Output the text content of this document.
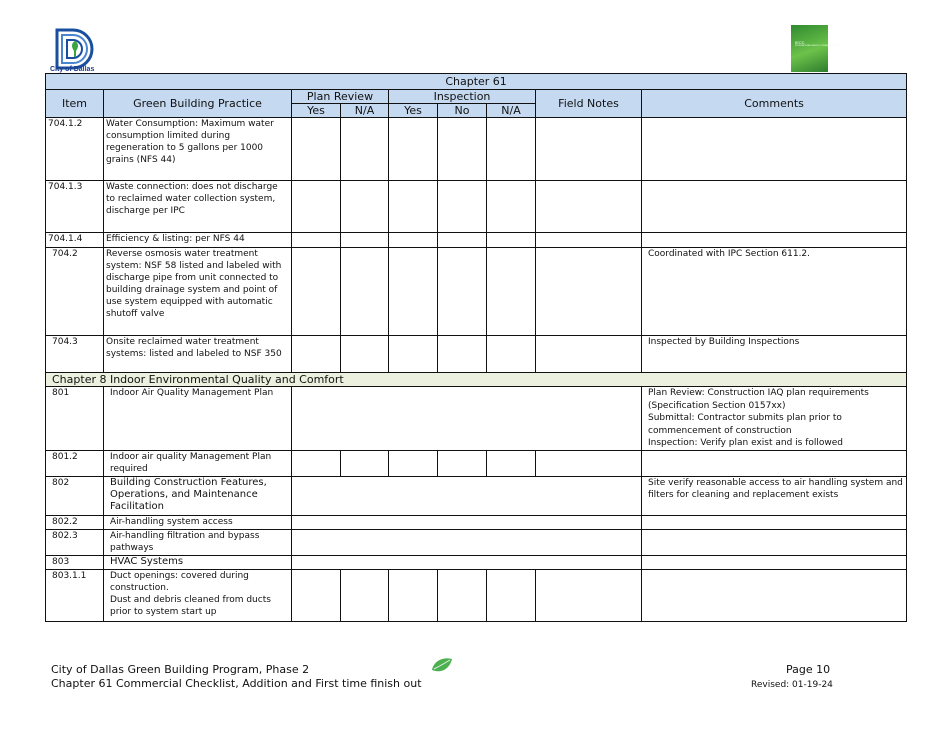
City of Dallas
IECC
INTERNATIONAL ENERGY CONSERVATION CODE
Chapter 61								
Item	Green Building Practice	Plan Review		Inspection			Field Notes	Comments
		Yes	N/A	Yes	No	N/A		
704.1.2	Water Consumption: Maximum water consumption limited during regeneration to 5 gallons per 1000 grains (NFS 44)							
704.1.3	Waste connection: does not discharge to reclaimed water collection system, discharge per IPC							
704.1.4	Efficiency & listing: per NFS 44							
704.2	Reverse osmosis water treatment system: NSF 58 listed and labeled with discharge pipe from unit connected to building drainage system and point of use system equipped with automatic shutoff valve							Coordinated with IPC Section 611.2.
704.3	Onsite reclaimed water treatment systems: listed and labeled to NSF 350							Inspected by Building Inspections
Chapter 8 Indoor Environmental Quality and Comfort								
801	Indoor Air Quality Management Plan							Plan Review: Construction IAQ plan requirements (Specification Section 0157xx)
Submittal: Contractor submits plan prior to commencement of construction
Inspection: Verify plan exist and is followed
801.2	Indoor air quality Management Plan required							
802	Building Construction Features, Operations, and Maintenance Facilitation							Site verify reasonable access to air handling system and filters for cleaning and replacement exists
802.2	Air-handling system access							
802.3	Air-handling filtration and bypass pathways							
803	HVAC Systems							
803.1.1	Duct openings: covered during construction.
Dust and debris cleaned from ducts prior to system start up							
City of Dallas Green Building Program, Phase 2
Chapter 61 Commercial Checklist, Addition and First time finish out
Page 10
Revised: 01-19-24
